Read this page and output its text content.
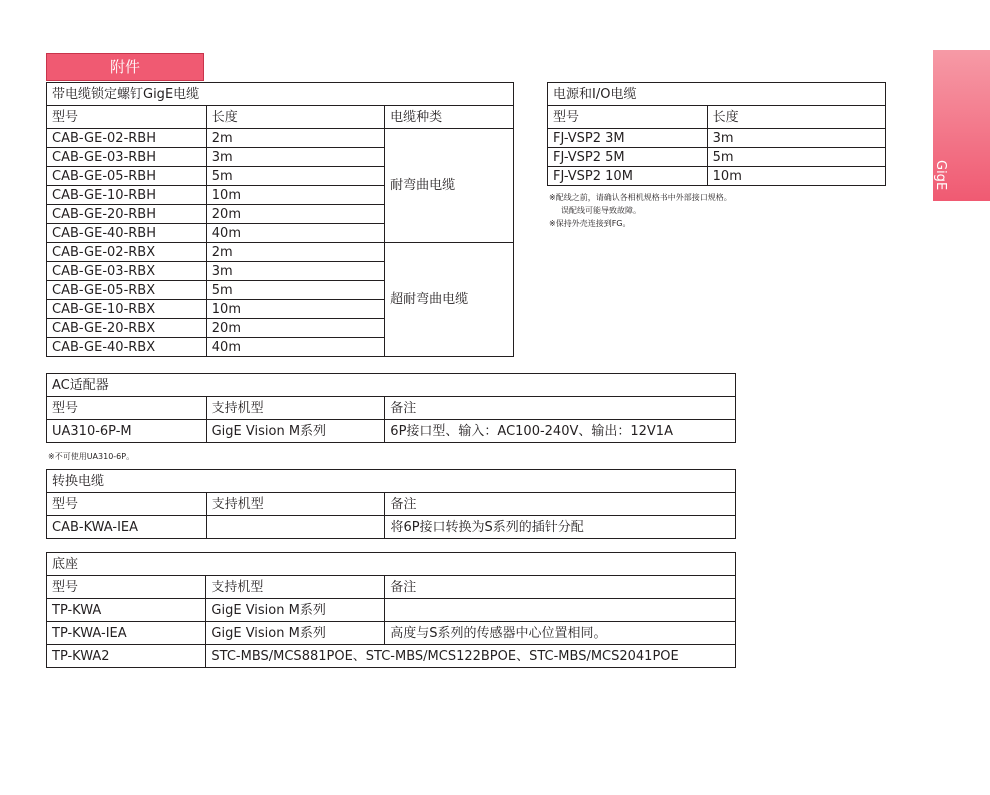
附件
GigE
带电缆锁定螺钉GigE电缆		
型号	长度	电缆种类
CAB-GE-02-RBH	2m	耐弯曲电缆
CAB-GE-03-RBH	3m	
CAB-GE-05-RBH	5m	
CAB-GE-10-RBH	10m	
CAB-GE-20-RBH	20m	
CAB-GE-40-RBH	40m	
CAB-GE-02-RBX	2m	超耐弯曲电缆
CAB-GE-03-RBX	3m	
CAB-GE-05-RBX	5m	
CAB-GE-10-RBX	10m	
CAB-GE-20-RBX	20m	
CAB-GE-40-RBX	40m	
电源和I/O电缆	
型号	长度
FJ-VSP2 3M	3m
FJ-VSP2 5M	5m
FJ-VSP2 10M	10m
※配线之前，请确认各相机规格书中外部接口规格。
误配线可能导致故障。
※保持外壳连接到FG。
AC适配器		
型号	支持机型	备注
UA310-6P-M	GigE Vision M系列	6P接口型、输入：AC100-240V、输出：12V1A
※不可使用UA310-6P。
转换电缆		
型号	支持机型	备注
CAB-KWA-IEA		将6P接口转换为S系列的插针分配
底座		
型号	支持机型	备注
TP-KWA	GigE Vision M系列	
TP-KWA-IEA	GigE Vision M系列	高度与S系列的传感器中心位置相同。
TP-KWA2	STC-MBS/MCS881POE、STC-MBS/MCS122BPOE、STC-MBS/MCS2041POE	
